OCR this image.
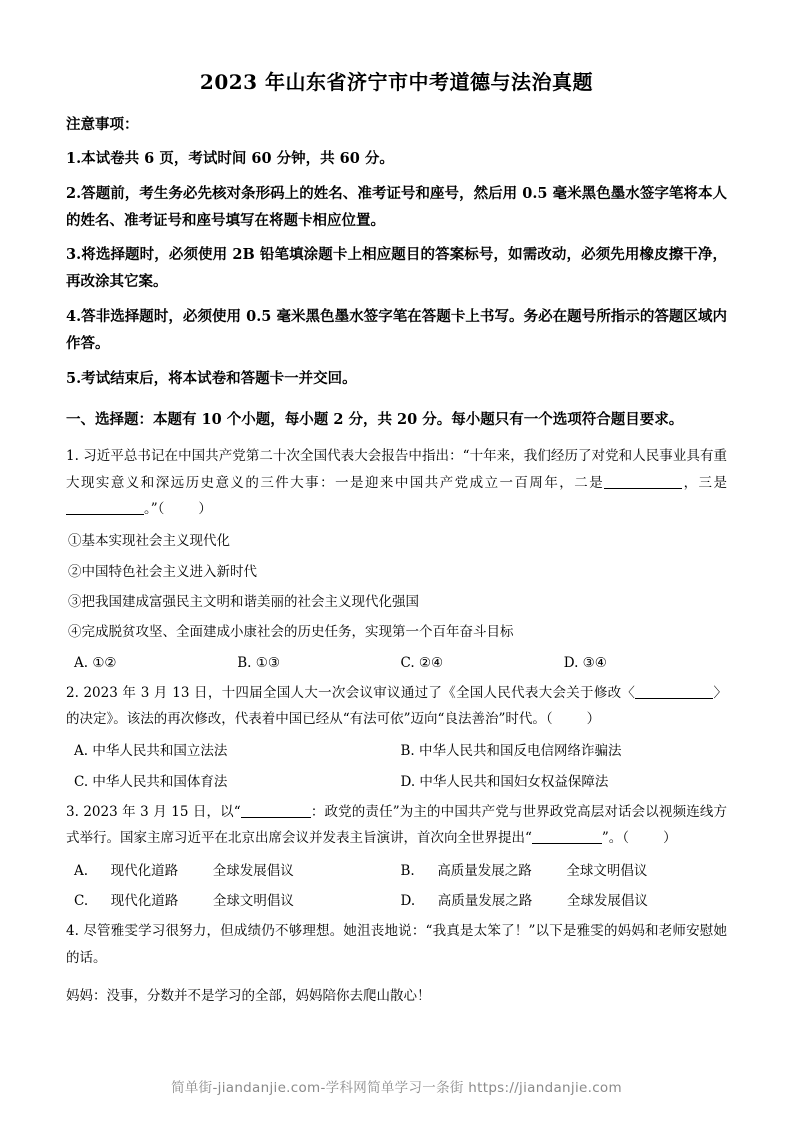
2023 年山东省济宁市中考道德与法治真题
注意事项：
1.本试卷共 6 页，考试时间 60 分钟，共 60 分。
2.答题前，考生务必先核对条形码上的姓名、准考证号和座号，然后用 0.5 毫米黑色墨水签字笔将本人的姓名、准考证号和座号填写在将题卡相应位置。
3.将选择题时，必须使用 2B 铅笔填涂题卡上相应题目的答案标号，如需改动，必须先用橡皮擦干净，再改涂其它案。
4.答非选择题时，必须使用 0.5 毫米黑色墨水签字笔在答题卡上书写。务必在题号所指示的答题区域内作答。
5.考试结束后，将本试卷和答题卡一并交回。
一、选择题：本题有 10 个小题，每小题 2 分，共 20 分。每小题只有一个选项符合题目要求。
1. 习近平总书记在中国共产党第二十次全国代表大会报告中指出：“十年来，我们经历了对党和人民事业具有重大现实意义和深远历史意义的三件大事：一是迎来中国共产党成立一百周年，二是	，三是。”（	）
①基本实现社会主义现代化
②中国特色社会主义进入新时代
③把我国建成富强民主文明和谐美丽的社会主义现代化强国
④完成脱贫攻坚、全面建成小康社会的历史任务，实现第一个百年奋斗目标
A. ①②	B. ①③	C. ②④	D. ③④
2. 2023 年 3 月 13 日，十四届全国人大一次会议审议通过了《全国人民代表大会关于修改〈	〉的决定》。该法的再次修改，代表着中国已经从“有法可依”迈向“良法善治”时代。（	）
A. 中华人民共和国立法法	B. 中华人民共和国反电信网络诈骗法
C. 中华人民共和国体育法	D. 中华人民共和国妇女权益保障法
3. 2023 年 3 月 15 日，以“	：政党的责任”为主的中国共产党与世界政党高层对话会以视频连线方式举行。国家主席习近平在北京出席会议并发表主旨演讲，首次向全世界提出“	”。（	）
A. 现代化道路	全球发展倡议	B. 高质量发展之路	全球文明倡议
C. 现代化道路	全球文明倡议	D. 高质量发展之路	全球发展倡议
4. 尽管雅雯学习很努力，但成绩仍不够理想。她沮丧地说：“我真是太笨了！”以下是雅雯的妈妈和老师安慰她的话。
妈妈：没事，分数并不是学习的全部，妈妈陪你去爬山散心！
简单街-jiandanjie.com-学科网简单学习一条街 https://jiandanjie.com
